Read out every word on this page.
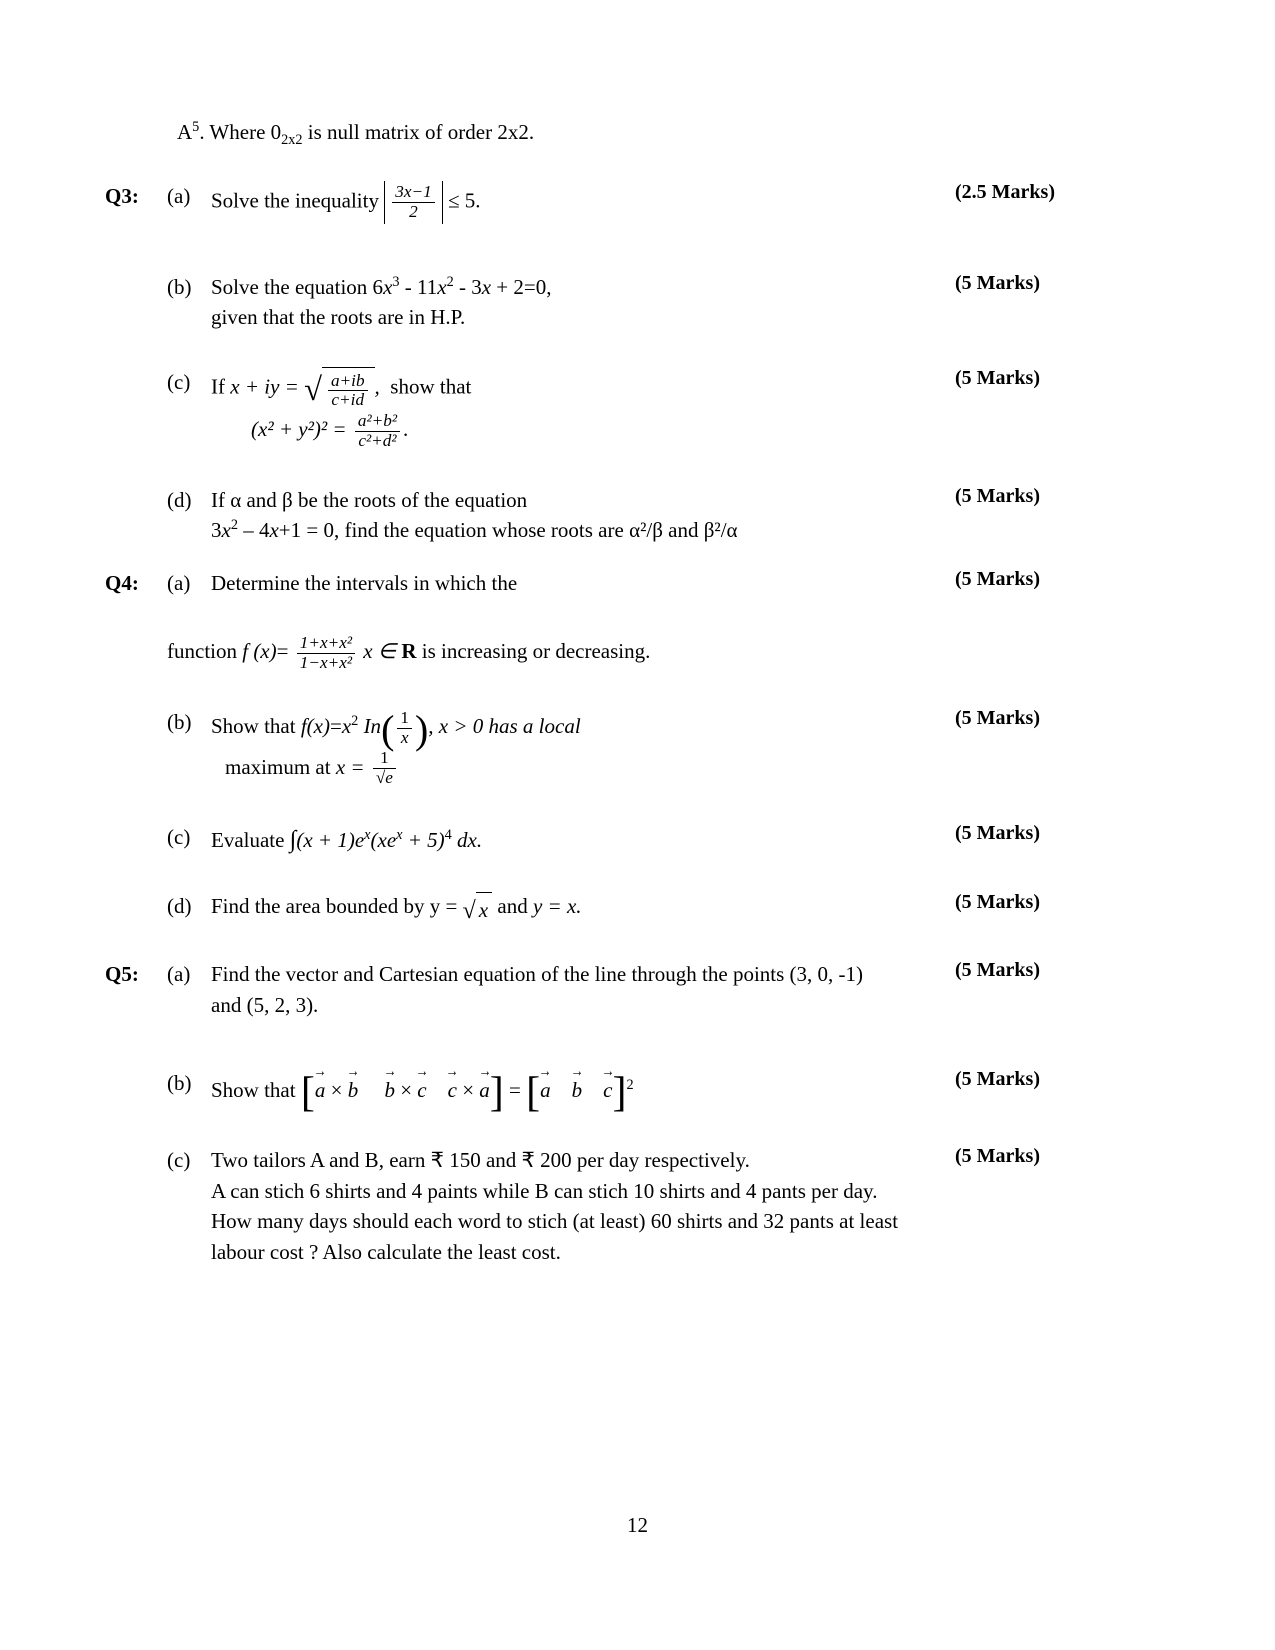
$A^5$. Where $0_{2x2}$ is null matrix of order 2x2.
Q3:	(a) Solve the inequality $\frac{3x-1}{2} \le 5$.	(2.5 Marks)
(b) Solve the equation $6x^3 - 11x^2 - 3x + 2=0$,
given that the roots are in H.P.
(5 Marks)
(c) If x + iy = √ $\frac{a+ib}{c+id}$ , show that
$(x^2 + y^2)^2 = \frac{\text{a²+b²}}{\text{c²+d²}}$ .
(5 Marks)
(d) If α and β be the roots of the equation
$3x^2 - 4x+1 = 0$, find the equation whose roots are α²/β and β²/α
(5 Marks)
Q4:	(a) Determine the intervals in which the	(5 Marks)
function f $(x)= \frac{\text{1+x+x²}}{\text{1−x+x²}}$ x ∈ R is increasing or decreasing.
(b) Show that $f(x)=x^2$ $In( \frac{1}{x}$ ), x > 0 has a local
maximum at $x = \frac{1}{√e}$
(5 Marks)
(c) Evaluate $\int(x + 1)e^x(xe^x + 5)^4$ dx.	(5 Marks)
(d) Find the area bounded by y = √ x and y = x.	(5 Marks)
Q5:	(a) Find the vector and Cartesian equation of the line through the points (3, 0, -1)
and (5, 2, 3).
(5 Marks)
(b) Show that [→ a × → b → b × → c → c × → a] = [→ a → b → c]$^2$	(5 Marks)
(c) Two tailors A and B, earn ₹ 150 and ₹ 200 per day respectively.
A can stich 6 shirts and 4 paints while B can stich 10 shirts and 4 pants per day.
How many days should each word to stich (at least) 60 shirts and 32 pants at least
labour cost ? Also calculate the least cost.
(5 Marks)
12
